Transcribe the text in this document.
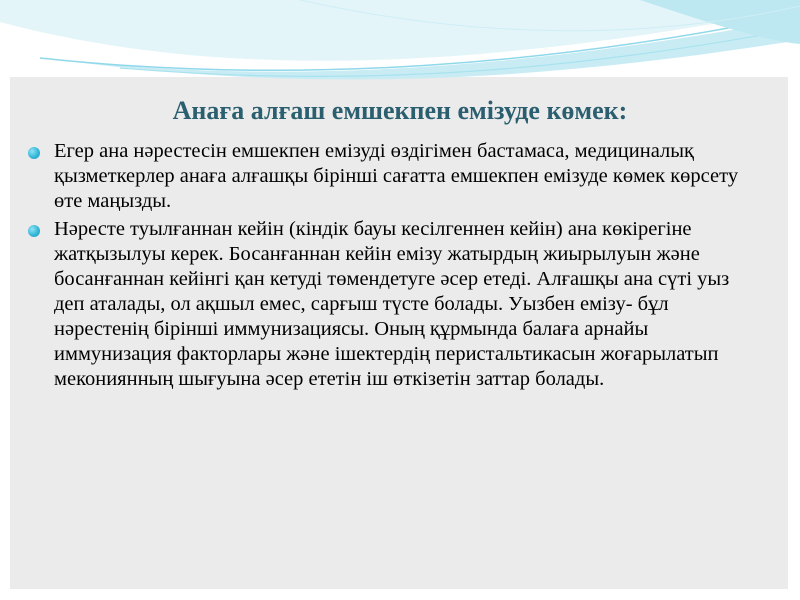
Анаға алғаш емшекпен емізуде көмек:
Егер ана нәрестесін емшекпен емізуді өздігімен бастамаса, медициналық қызметкерлер анаға алғашқы бірінші сағатта емшекпен емізуде көмек көрсету өте маңызды.
Нәресте туылғаннан кейін (кіндік бауы кесілгеннен кейін) ана көкірегіне жатқызылуы керек. Босанғаннан кейін емізу жатырдың жиырылуын және босанғаннан кейінгі қан кетуді төмендетуге әсер етеді. Алғашқы ана сүті уыз деп аталады, ол ақшыл емес, сарғыш түсте болады. Уызбен емізу- бұл нәрестенің бірінші иммунизациясы. Оның құрмында балаға арнайы иммунизация факторлары және ішектердің перистальтикасын жоғарылатып мекониянның шығуына әсер ететін іш өткізетін заттар болады.
